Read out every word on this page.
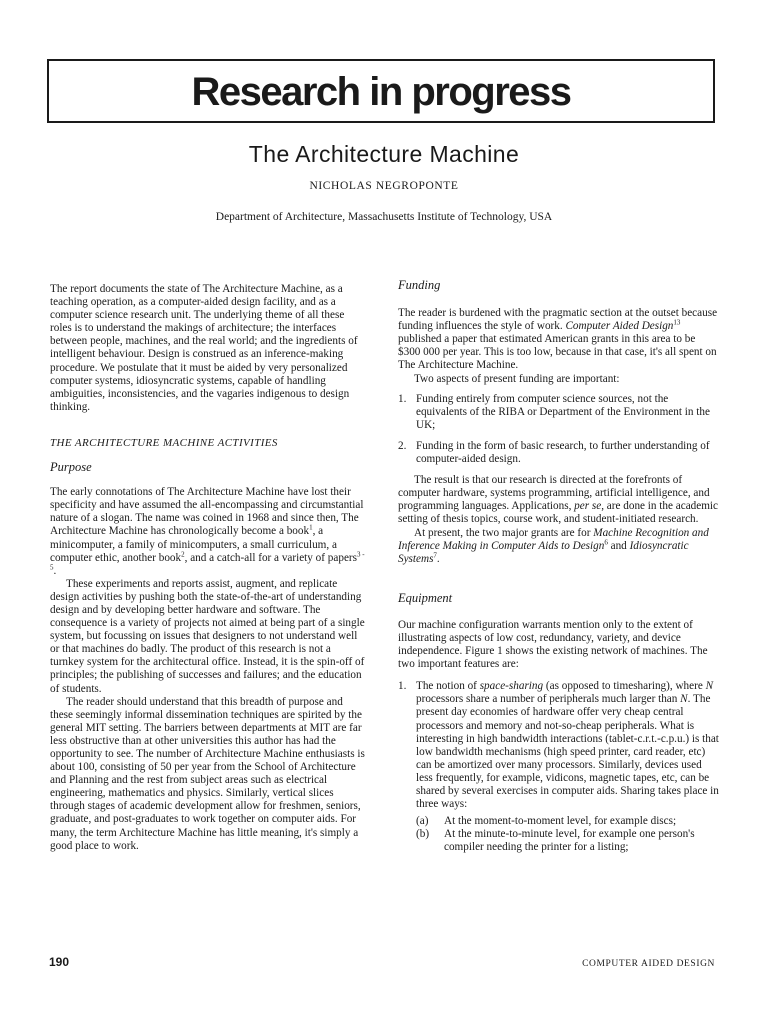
Research in progress
The Architecture Machine
NICHOLAS NEGROPONTE
Department of Architecture, Massachusetts Institute of Technology, USA

The report documents the state of The Architecture Machine, as a teaching operation, as a computer-aided design facility, and as a computer science research unit. The underlying theme of all these roles is to understand the makings of architecture; the interfaces between people, machines, and the real world; and the ingredients of intelligent behaviour. Design is construed as an inference-making procedure. We postulate that it must be aided by very personalized computer systems, idiosyncratic systems, capable of handling ambiguities, inconsistencies, and the vagaries indigenous to design thinking.

THE ARCHITECTURE MACHINE ACTIVITIES

Purpose

The early connotations of The Architecture Machine have lost their specificity and have assumed the all-encompassing and circumstantial nature of a slogan. The name was coined in 1968 and since then, The Architecture Machine has chronologically become a book$^1$, a minicomputer, a family of minicomputers, a small curriculum, a computer ethic, another book$^2$, and a catch-all for a variety of papers$^{3 - 5}$.

These experiments and reports assist, augment, and replicate design activities by pushing both the state-of-the-art of understanding design and by developing better hardware and software. The consequence is a variety of projects not aimed at being part of a single system, but focussing on issues that designers to not understand well or that machines do badly. The product of this research is not a turnkey system for the architectural office. Instead, it is the spin-off of principles; the publishing of successes and failures; and the education of students.

The reader should understand that this breadth of purpose and these seemingly informal dissemination techniques are spirited by the general MIT setting. The barriers between departments at MIT are far less obstructive than at other universities this author has had the opportunity to see. The number of Architecture Machine enthusiasts is about 100, consisting of 50 per year from the School of Architecture and Planning and the rest from subject areas such as electrical engineering, mathematics and physics. Similarly, vertical slices through stages of academic development allow for freshmen, seniors, graduate, and post-graduates to work together on computer aids. For many, the term Architecture Machine has little meaning, it's simply a good place to work.

Funding

The reader is burdened with the pragmatic section at the outset because funding influences the style of work. Computer Aided Design$^{13}$ published a paper that estimated American grants in this area to be $300 000 per year. This is too low, because in that case, it's all spent on The Architecture Machine.

Two aspects of present funding are important:

1. Funding entirely from computer science sources, not the equivalents of the RIBA or Department of the Environment in the UK;
2. Funding in the form of basic research, to further understanding of computer-aided design.

The result is that our research is directed at the forefronts of computer hardware, systems programming, artificial intelligence, and programming languages. Applications, per se, are done in the academic setting of thesis topics, course work, and student-initiated research.

At present, the two major grants are for Machine Recognition and Inference Making in Computer Aids to Design$^6$ and Idiosyncratic Systems$^7$.

Equipment

Our machine configuration warrants mention only to the extent of illustrating aspects of low cost, redundancy, variety, and device independence. Figure 1 shows the existing network of machines. The two important features are:

1. The notion of space-sharing (as opposed to timesharing), where N processors share a number of peripherals much larger than N. The present day economies of hardware offer very cheap central processors and memory and not-so-cheap peripherals. What is interesting in high bandwidth interactions (tablet-c.r.t.-c.p.u.) is that low bandwidth mechanisms (high speed printer, card reader, etc) can be amortized over many processors. Similarly, devices used less frequently, for example, vidicons, magnetic tapes, etc, can be shared by several exercises in computer aids. Sharing takes place in three ways:
(a)	At the moment-to-moment level, for example discs;
(b)	At the minute-to-minute level, for example one person's compiler needing the printer for a listing;
190	COMPUTER AIDED DESIGN
